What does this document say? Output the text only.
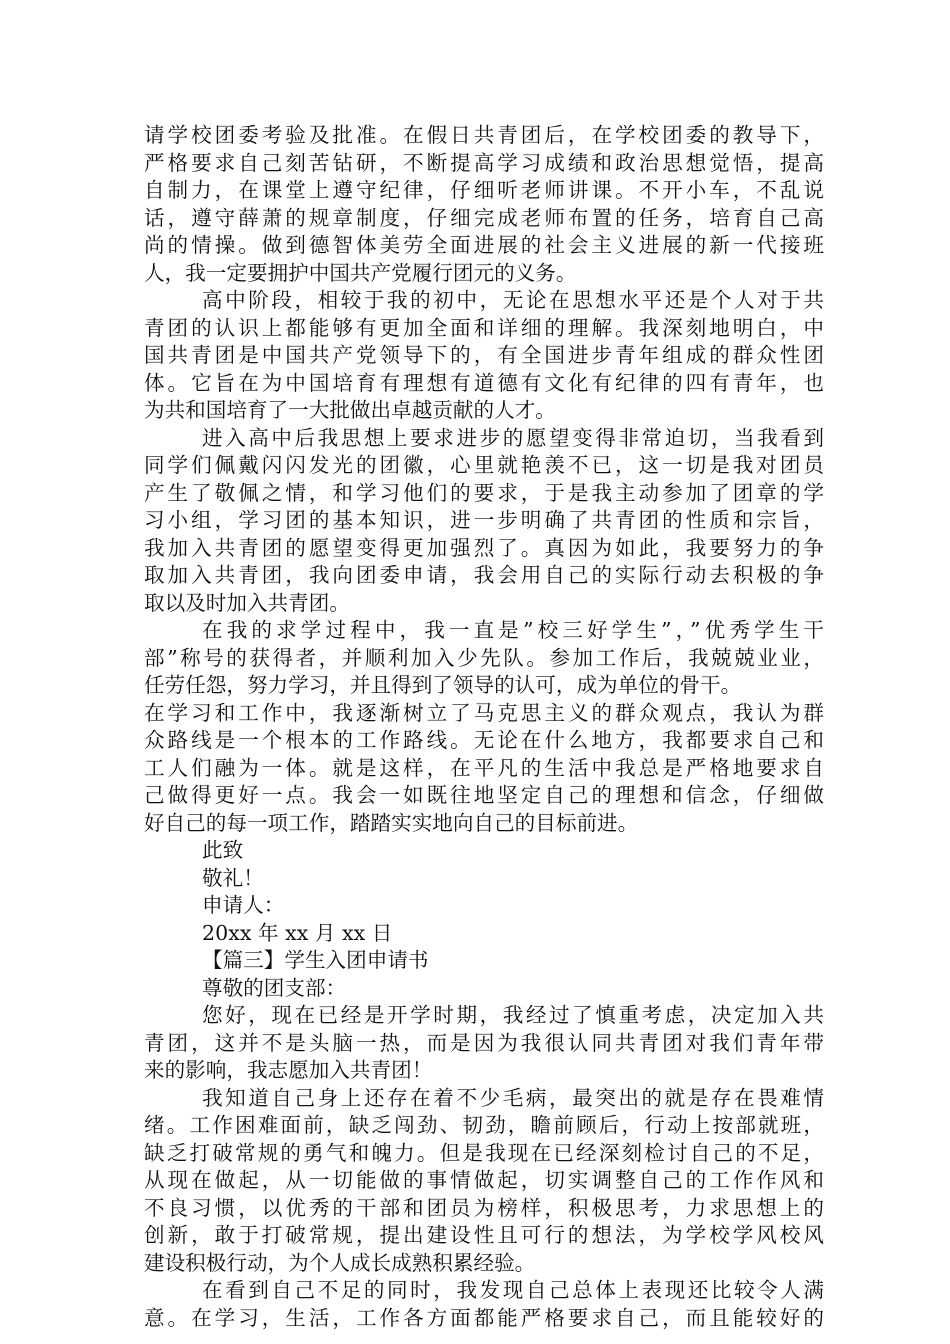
请学校团委考验及批准。在假日共青团后，在学校团委的教导下，
严格要求自己刻苦钻研，不断提高学习成绩和政治思想觉悟，提高
自制力，在课堂上遵守纪律，仔细听老师讲课。不开小车，不乱说
话，遵守薛萧的规章制度，仔细完成老师布置的任务，培育自己高
尚的情操。做到德智体美劳全面进展的社会主义进展的新一代接班
人，我一定要拥护中国共产党履行团元的义务。
高中阶段，相较于我的初中，无论在思想水平还是个人对于共
青团的认识上都能够有更加全面和详细的理解。我深刻地明白，中
国共青团是中国共产党领导下的，有全国进步青年组成的群众性团
体。它旨在为中国培育有理想有道德有文化有纪律的四有青年，也
为共和国培育了一大批做出卓越贡献的人才。
进入高中后我思想上要求进步的愿望变得非常迫切，当我看到
同学们佩戴闪闪发光的团徽，心里就艳羡不已，这一切是我对团员
产生了敬佩之情，和学习他们的要求，于是我主动参加了团章的学
习小组，学习团的基本知识，进一步明确了共青团的性质和宗旨，
我加入共青团的愿望变得更加强烈了。真因为如此，我要努力的争
取加入共青团，我向团委申请，我会用自己的实际行动去积极的争
取以及时加入共青团。
在我的求学过程中，我一直是”校三好学生”，”优秀学生干
部”称号的获得者，并顺利加入少先队。参加工作后，我兢兢业业，
任劳任怨，努力学习，并且得到了领导的认可，成为单位的骨干。
在学习和工作中，我逐渐树立了马克思主义的群众观点，我认为群
众路线是一个根本的工作路线。无论在什么地方，我都要求自己和
工人们融为一体。就是这样，在平凡的生活中我总是严格地要求自
己做得更好一点。我会一如既往地坚定自己的理想和信念，仔细做
好自己的每一项工作，踏踏实实地向自己的目标前进。
此致
敬礼！
申请人：
20xx 年 xx 月 xx 日
【篇三】学生入团申请书
尊敬的团支部：
您好，现在已经是开学时期，我经过了慎重考虑，决定加入共
青团，这并不是头脑一热，而是因为我很认同共青团对我们青年带
来的影响，我志愿加入共青团！
我知道自己身上还存在着不少毛病，最突出的就是存在畏难情
绪。工作困难面前，缺乏闯劲、韧劲，瞻前顾后，行动上按部就班，
缺乏打破常规的勇气和魄力。但是我现在已经深刻检讨自己的不足，
从现在做起，从一切能做的事情做起，切实调整自己的工作作风和
不良习惯，以优秀的干部和团员为榜样，积极思考，力求思想上的
创新，敢于打破常规，提出建设性且可行的想法，为学校学风校风
建设积极行动，为个人成长成熟积累经验。
在看到自己不足的同时，我发现自己总体上表现还比较令人满
意。在学习，生活，工作各方面都能严格要求自己，而且能较好的
